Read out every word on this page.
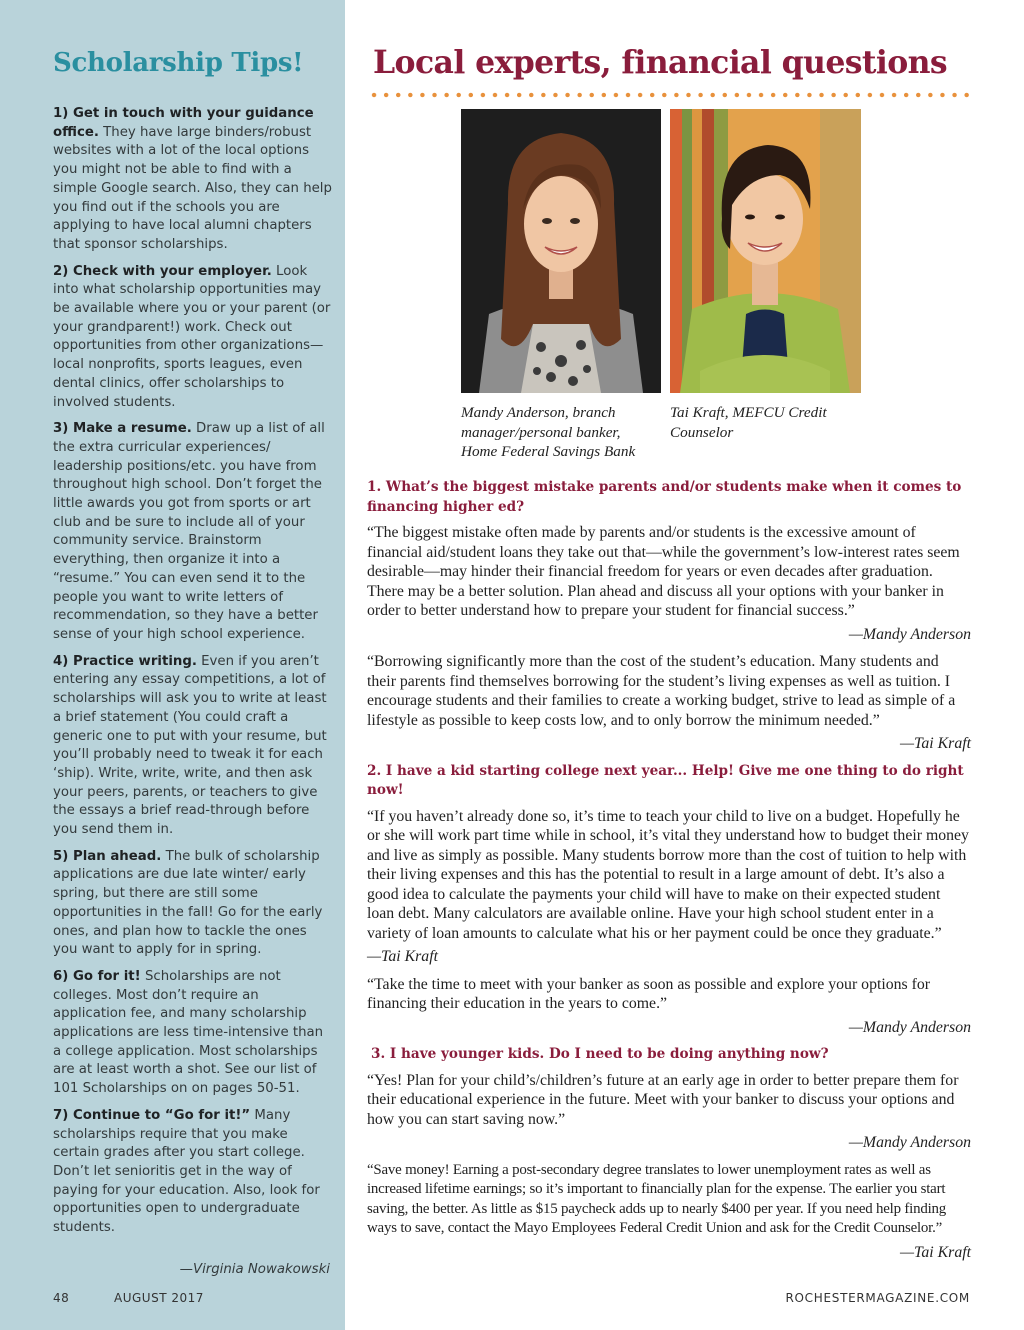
Scholarship Tips!

1) Get in touch with your guidance office. They have large binders/robust websites with a lot of the local options you might not be able to find with a simple Google search. Also, they can help you find out if the schools you are applying to have local alumni chapters that sponsor scholarships.

2) Check with your employer. Look into what scholarship opportunities may be available where you or your parent (or your grandparent!) work. Check out opportunities from other organizations—local nonprofits, sports leagues, even dental clinics, offer scholarships to involved students.

3) Make a resume. Draw up a list of all the extra curricular experiences/ leadership positions/etc. you have from throughout high school. Don’t forget the little awards you got from sports or art club and be sure to include all of your community service. Brainstorm everything, then organize it into a “resume.” You can even send it to the people you want to write letters of recommendation, so they have a better sense of your high school experience.

4) Practice writing. Even if you aren’t entering any essay competitions, a lot of scholarships will ask you to write at least a brief statement (You could craft a generic one to put with your resume, but you’ll probably need to tweak it for each ‘ship). Write, write, write, and then ask your peers, parents, or teachers to give the essays a brief read-through before you send them in.

5) Plan ahead. The bulk of scholarship applications are due late winter/ early spring, but there are still some opportunities in the fall! Go for the early ones, and plan how to tackle the ones you want to apply for in spring.

6) Go for it! Scholarships are not colleges. Most don’t require an application fee, and many scholarship applications are less time-intensive than a college application. Most scholarships are at least worth a shot. See our list of 101 Scholarships on on pages 50-51.

7) Continue to “Go for it!” Many scholarships require that you make certain grades after you start college. Don’t let senioritis get in the way of paying for your education. Also, look for opportunities open to undergraduate students.

—Virginia Nowakowski
48	AUGUST 2017
Local experts, financial questions

Mandy Anderson, branch manager/personal banker, Home Federal Savings Bank

Tai Kraft, MEFCU Credit Counselor

1. What’s the biggest mistake parents and/or students make when it comes to financing higher ed?

“The biggest mistake often made by parents and/or students is the excessive amount of financial aid/student loans they take out that—while the government’s low-interest rates seem desirable—may hinder their financial freedom for years or even decades after graduation. There may be a better solution. Plan ahead and discuss all your options with your banker in order to better understand how to prepare your student for financial success.”

—Mandy Anderson

“Borrowing significantly more than the cost of the student’s education. Many students and their parents find themselves borrowing for the student’s living expenses as well as tuition. I encourage students and their families to create a working budget, strive to lead as simple of a lifestyle as possible to keep costs low, and to only borrow the minimum needed.”

—Tai Kraft

2. I have a kid starting college next year... Help! Give me one thing to do right now!

“If you haven’t already done so, it’s time to teach your child to live on a budget. Hopefully he or she will work part time while in school, it’s vital they understand how to budget their money and live as simply as possible. Many students borrow more than the cost of tuition to help with their living expenses and this has the potential to result in a large amount of debt. It’s also a good idea to calculate the payments your child will have to make on their expected student loan debt. Many calculators are available online. Have your high school student enter in a variety of loan amounts to calculate what his or her payment could be once they graduate.”

—Tai Kraft

“Take the time to meet with your banker as soon as possible and explore your options for financing their education in the years to come.”

—Mandy Anderson

3. I have younger kids. Do I need to be doing anything now?

“Yes! Plan for your child’s/children’s future at an early age in order to better prepare them for their educational experience in the future. Meet with your banker to discuss your options and how you can start saving now.”

—Mandy Anderson

“Save money! Earning a post-secondary degree translates to lower unemployment rates as well as increased lifetime earnings; so it’s important to financially plan for the expense. The earlier you start saving, the better. As little as $15 paycheck adds up to nearly $400 per year. If you need help finding ways to save, contact the Mayo Employees Federal Credit Union and ask for the Credit Counselor.”

—Tai Kraft

ROCHESTERMAGAZINE.COM
